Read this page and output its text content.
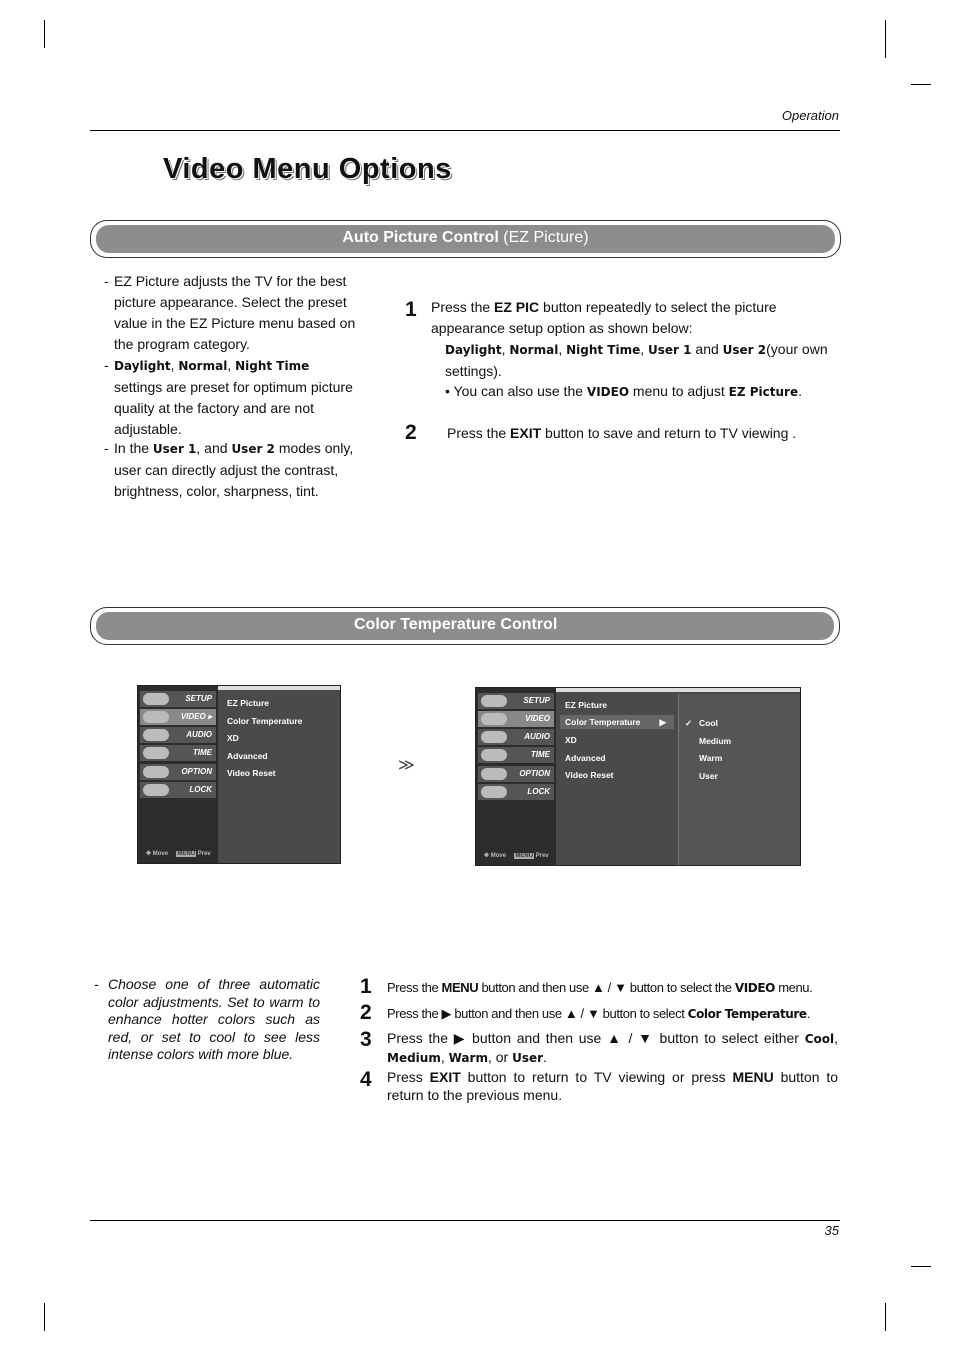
Operation
Video Menu Options
Auto Picture Control (EZ Picture)
- EZ Picture adjusts the TV for the best picture appearance. Select the preset value in the EZ Picture menu based on the program category.
- Daylight, Normal, Night Time settings are preset for optimum picture quality at the factory and are not adjustable.
- In the User 1, and User 2 modes only, user can directly adjust the contrast, brightness, color, sharpness, tint.
1 Press the EZ PIC button repeatedly to select the picture appearance setup option as shown below:
Daylight, Normal, Night Time, User 1 and User 2(your own settings).
• You can also use the VIDEO menu to adjust EZ Picture.
2 Press the EXIT button to save and return to TV viewing .
Color Temperature Control
SETUP
VIDEO ▸
AUDIO
TIME
OPTION
LOCK
✥ Move MENU Prev
EZ Picture
Color Temperature
XD
Advanced
Video Reset	≫
SETUP
VIDEO
AUDIO
TIME
OPTION
LOCK
✥ Move MENU Prev
EZ Picture
Color Temperature ▶
XD
Advanced
Video Reset
✓ Cool
Medium
Warm
User
- Choose one of three automatic color adjustments. Set to warm to enhance hotter colors such as red, or set to cool to see less intense colors with more blue.
1 Press the MENU button and then use ▲ / ▼ button to select the VIDEO menu.
2 Press the ▶ button and then use ▲ / ▼ button to select Color Temperature.
3 Press the ▶ button and then use ▲ / ▼ button to select either Cool, Medium, Warm, or User.
4 Press EXIT button to return to TV viewing or press MENU button to return to the previous menu.
35
